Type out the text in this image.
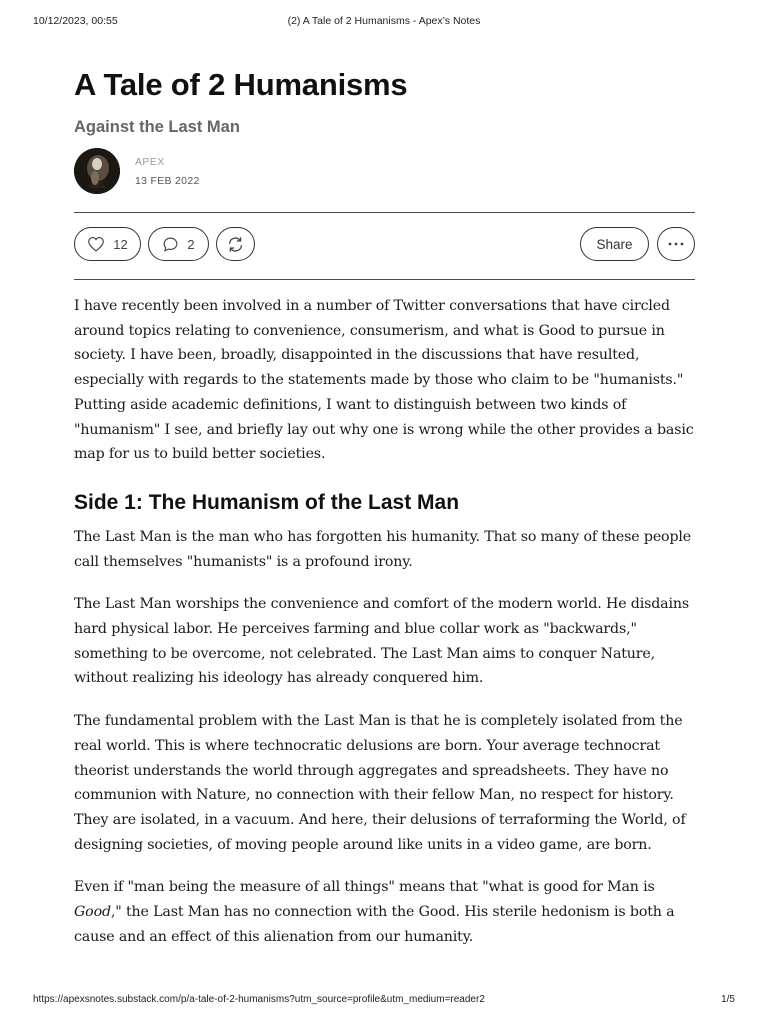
10/12/2023, 00:55	(2) A Tale of 2 Humanisms - Apex’s Notes
A Tale of 2 Humanisms
Against the Last Man
APEX
13 FEB 2022
12	2	Share

I have recently been involved in a number of Twitter conversations that have circled around topics relating to convenience, consumerism, and what is Good to pursue in society. I have been, broadly, disappointed in the discussions that have resulted, especially with regards to the statements made by those who claim to be "humanists." Putting aside academic definitions, I want to distinguish between two kinds of "humanism" I see, and briefly lay out why one is wrong while the other provides a basic map for us to build better societies.

Side 1: The Humanism of the Last Man

The Last Man is the man who has forgotten his humanity. That so many of these people call themselves "humanists" is a profound irony.

The Last Man worships the convenience and comfort of the modern world. He disdains hard physical labor. He perceives farming and blue collar work as "backwards," something to be overcome, not celebrated. The Last Man aims to conquer Nature, without realizing his ideology has already conquered him.

The fundamental problem with the Last Man is that he is completely isolated from the real world. This is where technocratic delusions are born. Your average technocrat theorist understands the world through aggregates and spreadsheets. They have no communion with Nature, no connection with their fellow Man, no respect for history. They are isolated, in a vacuum. And here, their delusions of terraforming the World, of designing societies, of moving people around like units in a video game, are born.

Even if "man being the measure of all things" means that "what is good for Man is Good," the Last Man has no connection with the Good. His sterile hedonism is both a cause and an effect of this alienation from our humanity.

https://apexsnotes.substack.com/p/a-tale-of-2-humanisms?utm_source=profile&utm_medium=reader2	1/5
